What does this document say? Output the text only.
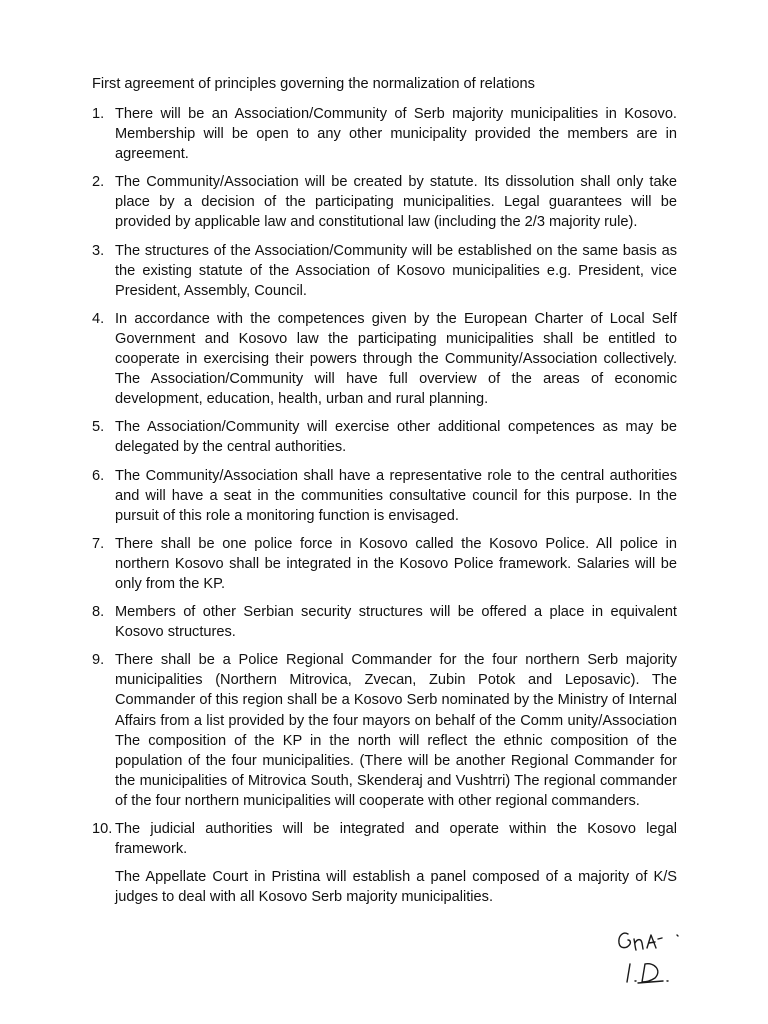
First agreement of principles governing the normalization of relations
1. There will be an Association/Community of Serb majority municipalities in Kosovo. Membership will be open to any other municipality provided the members are in agreement.

2. The Community/Association will be created by statute. Its dissolution shall only take place by a decision of the participating municipalities. Legal guarantees will be provided by applicable law and constitutional law (including the 2/3 majority rule).

3. The structures of the Association/Community will be established on the same basis as the existing statute of the Association of Kosovo municipalities e.g. President, vice President, Assembly, Council.

4. In accordance with the competences given by the European Charter of Local Self Government and Kosovo law the participating municipalities shall be entitled to cooperate in exercising their powers through the Community/Association collectively. The Association/Community will have full overview of the areas of economic development, education, health, urban and rural planning.

5. The Association/Community will exercise other additional competences as may be delegated by the central authorities.

6. The Community/Association shall have a representative role to the central authorities and will have a seat in the communities consultative council for this purpose. In the pursuit of this role a monitoring function is envisaged.

7. There shall be one police force in Kosovo called the Kosovo Police. All police in northern Kosovo shall be integrated in the Kosovo Police framework. Salaries will be only from the KP.

8. Members of other Serbian security structures will be offered a place in equivalent Kosovo structures.

9. There shall be a Police Regional Commander for the four northern Serb majority municipalities (Northern Mitrovica, Zvecan, Zubin Potok and Leposavic). The Commander of this region shall be a Kosovo Serb nominated by the Ministry of Internal Affairs from a list provided by the four mayors on behalf of the Comm unity/Association The composition of the KP in the north will reflect the ethnic composition of the population of the four municipalities. (There will be another Regional Commander for the municipalities of Mitrovica South, Skenderaj and Vushtrri) The regional commander of the four northern municipalities will cooperate with other regional commanders.

10. The judicial authorities will be integrated and operate within the Kosovo legal framework.

The Appellate Court in Pristina will establish a panel composed of a majority of K/S judges to deal with all Kosovo Serb majority municipalities.
